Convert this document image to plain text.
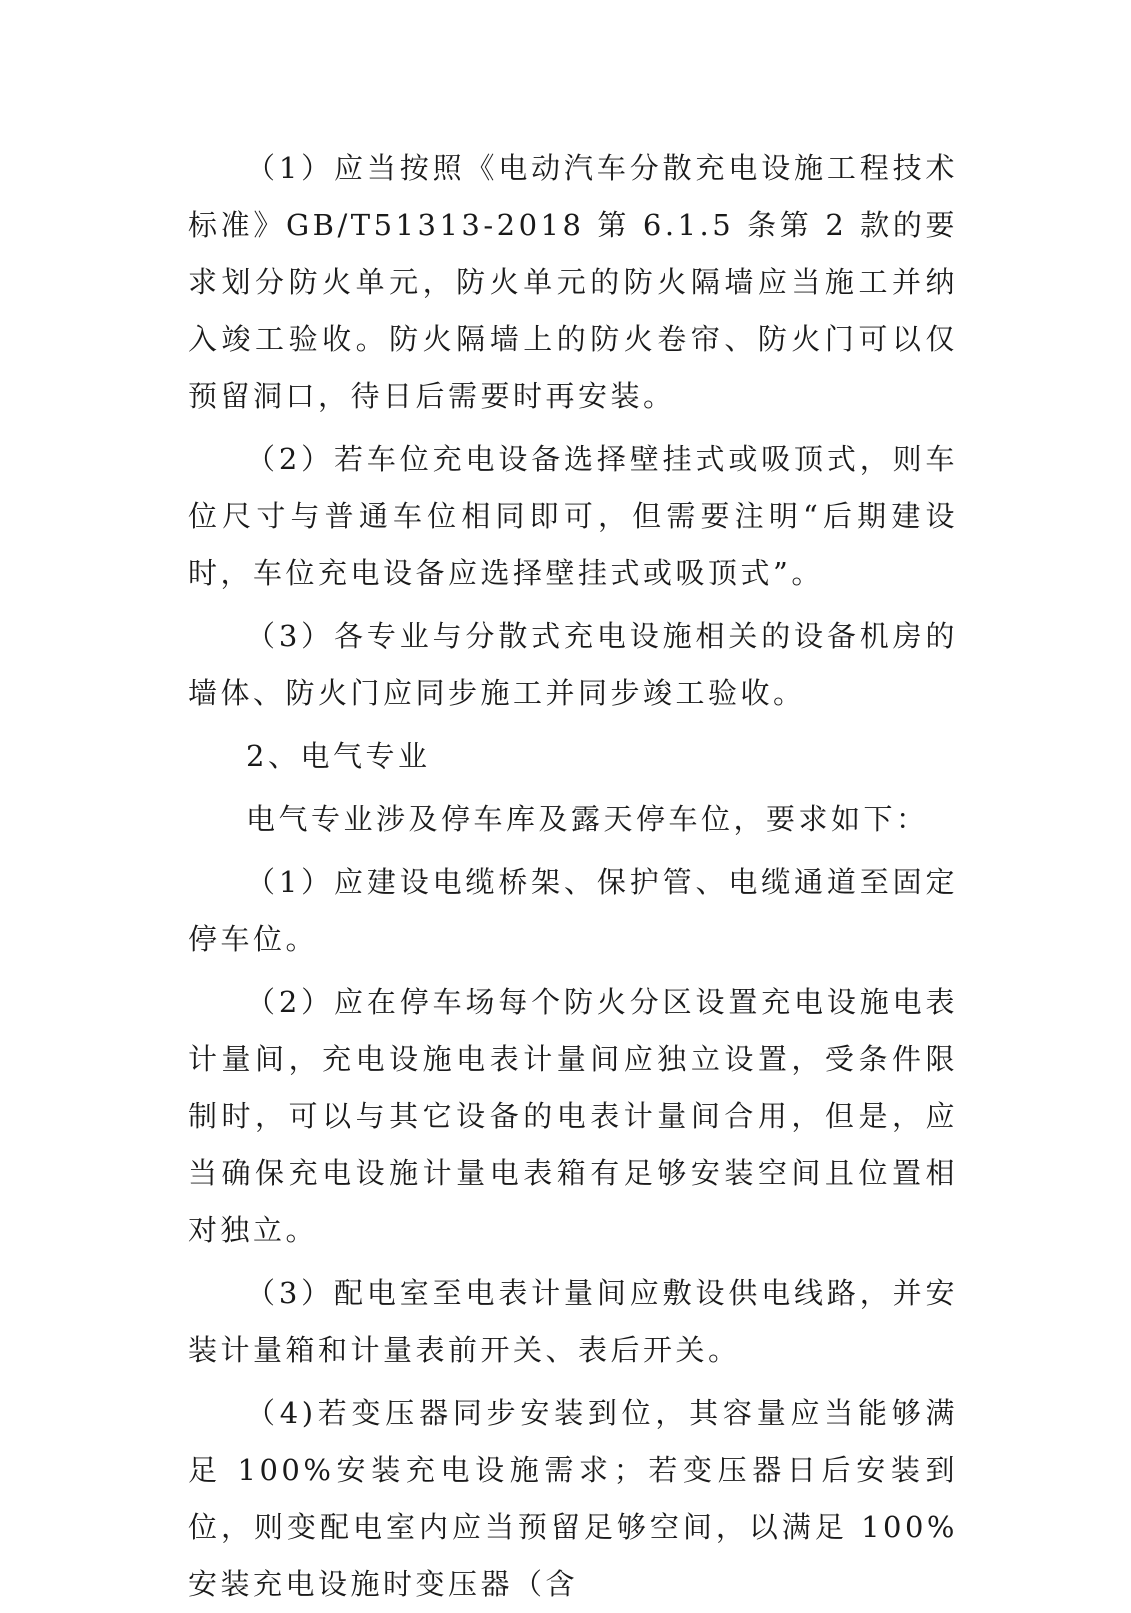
（1）应当按照《电动汽车分散充电设施工程技术标准》GB/T51313-2018 第 6.1.5 条第 2 款的要求划分防火单元，防火单元的防火隔墙应当施工并纳入竣工验收。防火隔墙上的防火卷帘、防火门可以仅预留洞口，待日后需要时再安装。

（2）若车位充电设备选择壁挂式或吸顶式，则车位尺寸与普通车位相同即可，但需要注明“后期建设时，车位充电设备应选择壁挂式或吸顶式”。

（3）各专业与分散式充电设施相关的设备机房的墙体、防火门应同步施工并同步竣工验收。

2、电气专业

电气专业涉及停车库及露天停车位，要求如下：

（1）应建设电缆桥架、保护管、电缆通道至固定停车位。

（2）应在停车场每个防火分区设置充电设施电表计量间，充电设施电表计量间应独立设置，受条件限制时，可以与其它设备的电表计量间合用，但是，应当确保充电设施计量电表箱有足够安装空间且位置相对独立。

（3）配电室至电表计量间应敷设供电线路，并安装计量箱和计量表前开关、表后开关。

（4)若变压器同步安装到位，其容量应当能够满足 100%安装充电设施需求；若变压器日后安装到位，则变配电室内应当预留足够空间，以满足 100%安装充电设施时变压器（含
